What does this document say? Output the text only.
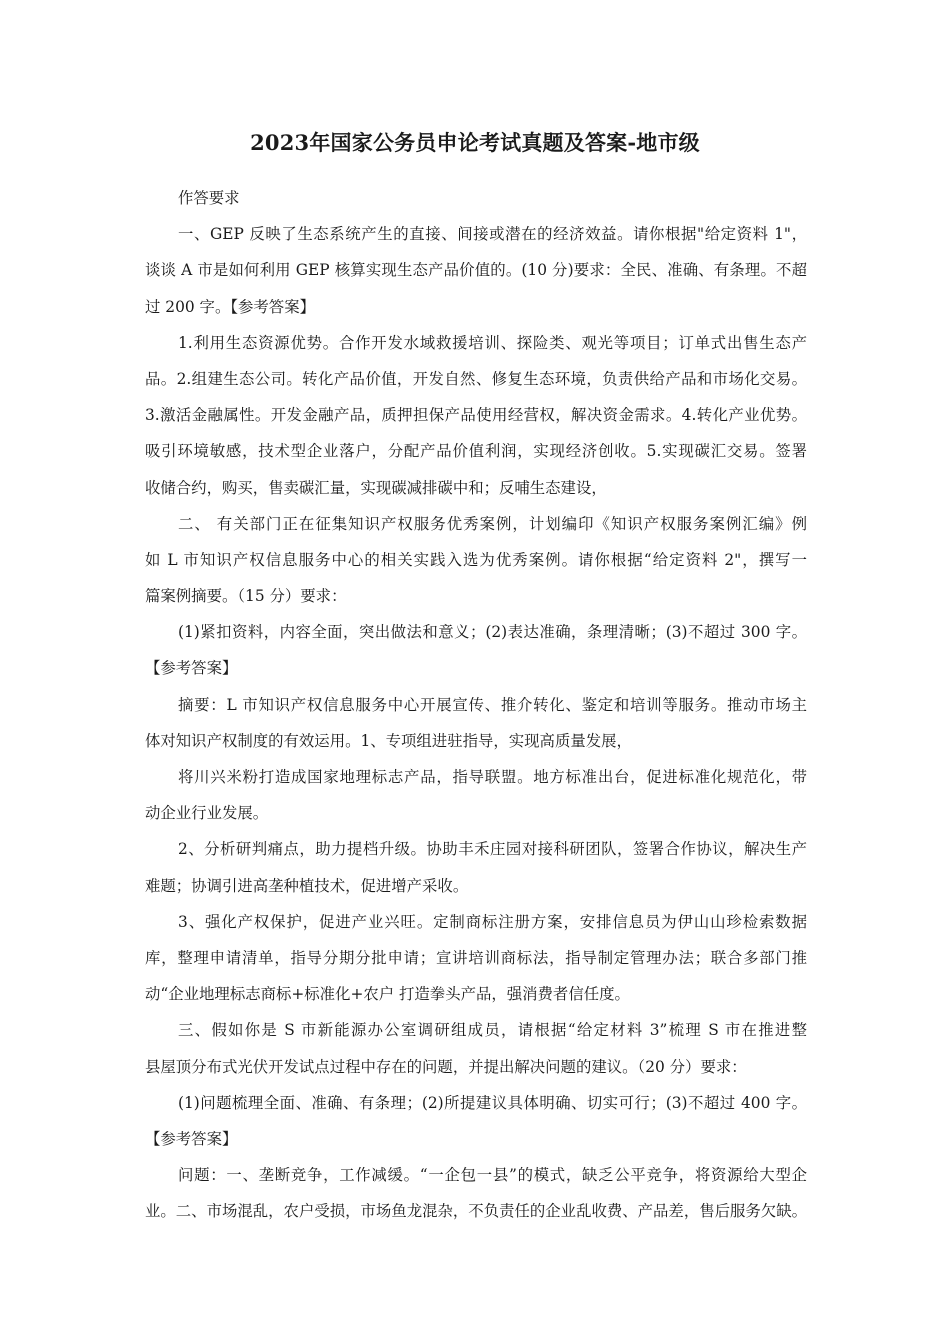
2023年国家公务员申论考试真题及答案-地市级
作答要求
一、GEP 反映了生态系统产生的直接、间接或潜在的经济效益。请你根据"给定资料 1"，
谈谈 A 市是如何利用 GEP 核算实现生态产品价值的。(10 分)要求：全民、准确、有条理。不超
过 200 字。【参考答案】
1.利用生态资源优势。合作开发水域救援培训、探险类、观光等项目；订单式出售生态产
品。2.组建生态公司。转化产品价值，开发自然、修复生态环境，负责供给产品和市场化交易。
3.激活金融属性。开发金融产品，质押担保产品使用经营权，解决资金需求。4.转化产业优势。
吸引环境敏感，技术型企业落户，分配产品价值利润，实现经济创收。5.实现碳汇交易。签署
收储合约，购买，售卖碳汇量，实现碳减排碳中和；反哺生态建设，
二、 有关部门正在征集知识产权服务优秀案例，计划编印《知识产权服务案例汇编》例
如 L 市知识产权信息服务中心的相关实践入选为优秀案例。请你根据“给定资料 2"，撰写一
篇案例摘要。（15 分）要求：
(1)紧扣资料，内容全面，突出做法和意义；(2)表达准确，条理清晰；(3)不超过 300 字。
【参考答案】
摘要：L 市知识产权信息服务中心开展宣传、推介转化、鉴定和培训等服务。推动市场主
体对知识产权制度的有效运用。1、专项组进驻指导，实现高质量发展，
将川兴米粉打造成国家地理标志产品，指导联盟。地方标准出台，促进标准化规范化，带
动企业行业发展。
2、分析研判痛点，助力提档升级。协助丰禾庄园对接科研团队，签署合作协议，解决生产
难题；协调引进高垄种植技术，促进增产采收。
3、强化产权保护，促进产业兴旺。定制商标注册方案，安排信息员为伊山山珍检索数据
库，整理申请清单，指导分期分批申请；宣讲培训商标法，指导制定管理办法；联合多部门推
动“企业地理标志商标+标准化+农户 打造拳头产品，强消费者信任度。
三、假如你是 S 市新能源办公室调研组成员，请根据“给定材料 3”梳理 S 市在推进整
县屋顶分布式光伏开发试点过程中存在的问题，并提出解决问题的建议。（20 分）要求：
(1)问题梳理全面、准确、有条理；(2)所提建议具体明确、切实可行；(3)不超过 400 字。
【参考答案】
问题：一、垄断竞争，工作减缓。“一企包一县”的模式，缺乏公平竞争，将资源给大型企
业。二、市场混乱，农户受损，市场鱼龙混杂，不负责任的企业乱收费、产品差，售后服务欠缺。
